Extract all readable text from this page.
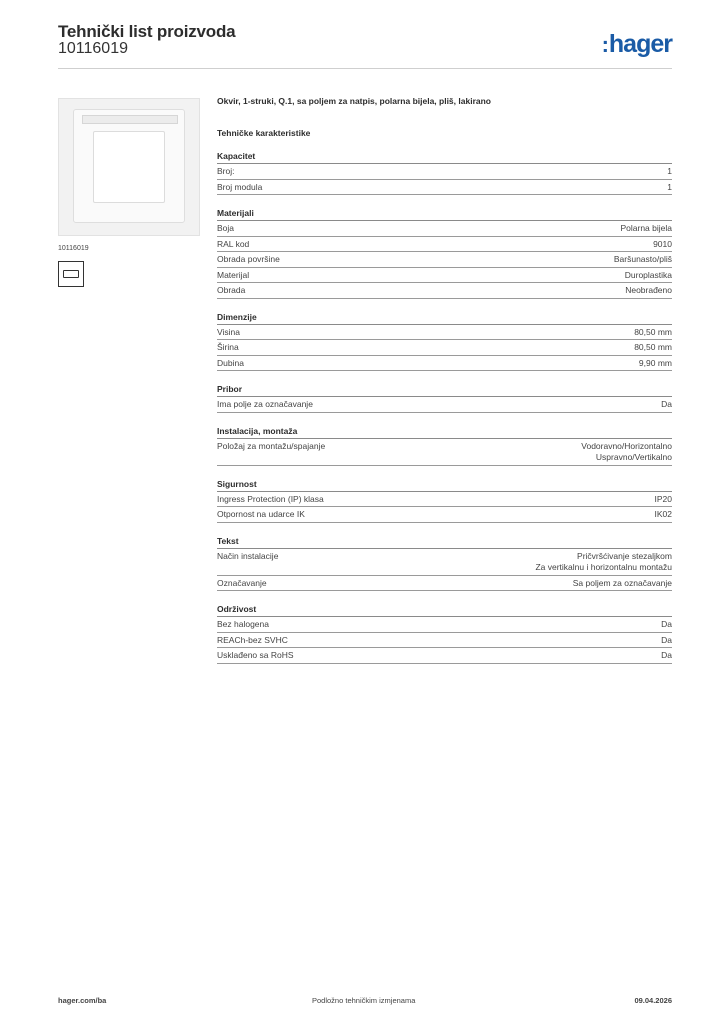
Tehnički list proizvoda
10116019	:hager
10116019
Okvir, 1-struki, Q.1, sa poljem za natpis, polarna bijela, pliš, lakirano
Tehničke karakteristike
Kapacitet
Broj:	1
Broj modula	1
Materijali
Boja	Polarna bijela
RAL kod	9010
Obrada površine	Baršunasto/pliš
Materijal	Duroplastika
Obrada	Neobrađeno
Dimenzije
Visina	80,50 mm
Širina	80,50 mm
Dubina	9,90 mm
Pribor
Ima polje za označavanje	Da
Instalacija, montaža
Položaj za montažu/spajanje	Vodoravno/Horizontalno
Uspravno/Vertikalno
Sigurnost
Ingress Protection (IP) klasa	IP20
Otpornost na udarce IK	IK02
Tekst
Način instalacije	Pričvršćivanje stezaljkom
Za vertikalnu i horizontalnu montažu
Označavanje	Sa poljem za označavanje
Održivost
Bez halogena	Da
REACh-bez SVHC	Da
Usklađeno sa RoHS	Da
hager.com/ba	Podložno tehničkim izmjenama	09.04.2026
